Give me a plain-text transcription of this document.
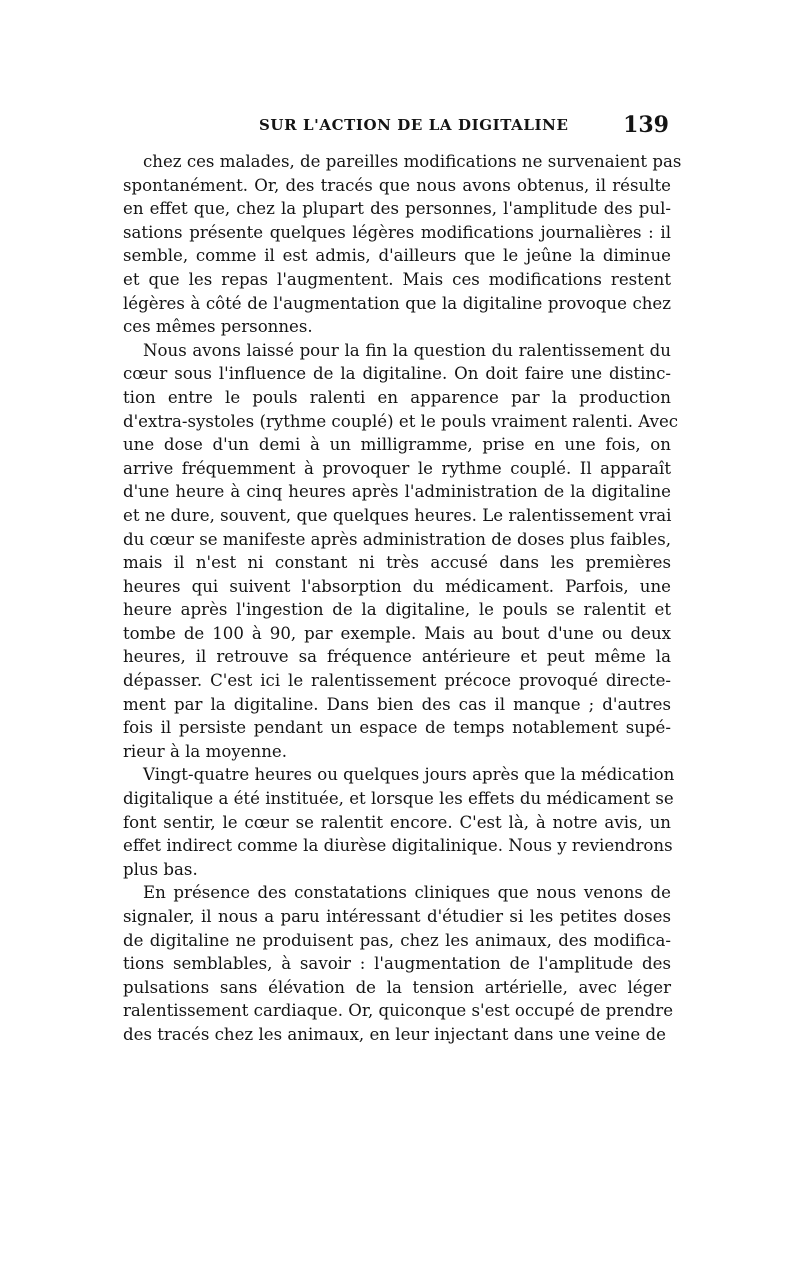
SUR L'ACTION DE LA DIGITALINE 139
chez ces malades, de pareilles modifications ne survenaient pas
spontanément. Or, des tracés que nous avons obtenus, il résulte
en effet que, chez la plupart des personnes, l'amplitude des pul-
sations présente quelques légères modifications journalières : il
semble, comme il est admis, d'ailleurs que le jeûne la diminue
et que les repas l'augmentent. Mais ces modifications restent
légères à côté de l'augmentation que la digitaline provoque chez
ces mêmes personnes.
Nous avons laissé pour la fin la question du ralentissement du
cœur sous l'influence de la digitaline. On doit faire une distinc-
tion entre le pouls ralenti en apparence par la production
d'extra-systoles (rythme couplé) et le pouls vraiment ralenti. Avec
une dose d'un demi à un milligramme, prise en une fois, on
arrive fréquemment à provoquer le rythme couplé. Il apparaît
d'une heure à cinq heures après l'administration de la digitaline
et ne dure, souvent, que quelques heures. Le ralentissement vrai
du cœur se manifeste après administration de doses plus faibles,
mais il n'est ni constant ni très accusé dans les premières
heures qui suivent l'absorption du médicament. Parfois, une
heure après l'ingestion de la digitaline, le pouls se ralentit et
tombe de 100 à 90, par exemple. Mais au bout d'une ou deux
heures, il retrouve sa fréquence antérieure et peut même la
dépasser. C'est ici le ralentissement précoce provoqué directe-
ment par la digitaline. Dans bien des cas il manque ; d'autres
fois il persiste pendant un espace de temps notablement supé-
rieur à la moyenne.
Vingt-quatre heures ou quelques jours après que la médication
digitalique a été instituée, et lorsque les effets du médicament se
font sentir, le cœur se ralentit encore. C'est là, à notre avis, un
effet indirect comme la diurèse digitalinique. Nous y reviendrons
plus bas.
En présence des constatations cliniques que nous venons de
signaler, il nous a paru intéressant d'étudier si les petites doses
de digitaline ne produisent pas, chez les animaux, des modifica-
tions semblables, à savoir : l'augmentation de l'amplitude des
pulsations sans élévation de la tension artérielle, avec léger
ralentissement cardiaque. Or, quiconque s'est occupé de prendre
des tracés chez les animaux, en leur injectant dans une veine de
